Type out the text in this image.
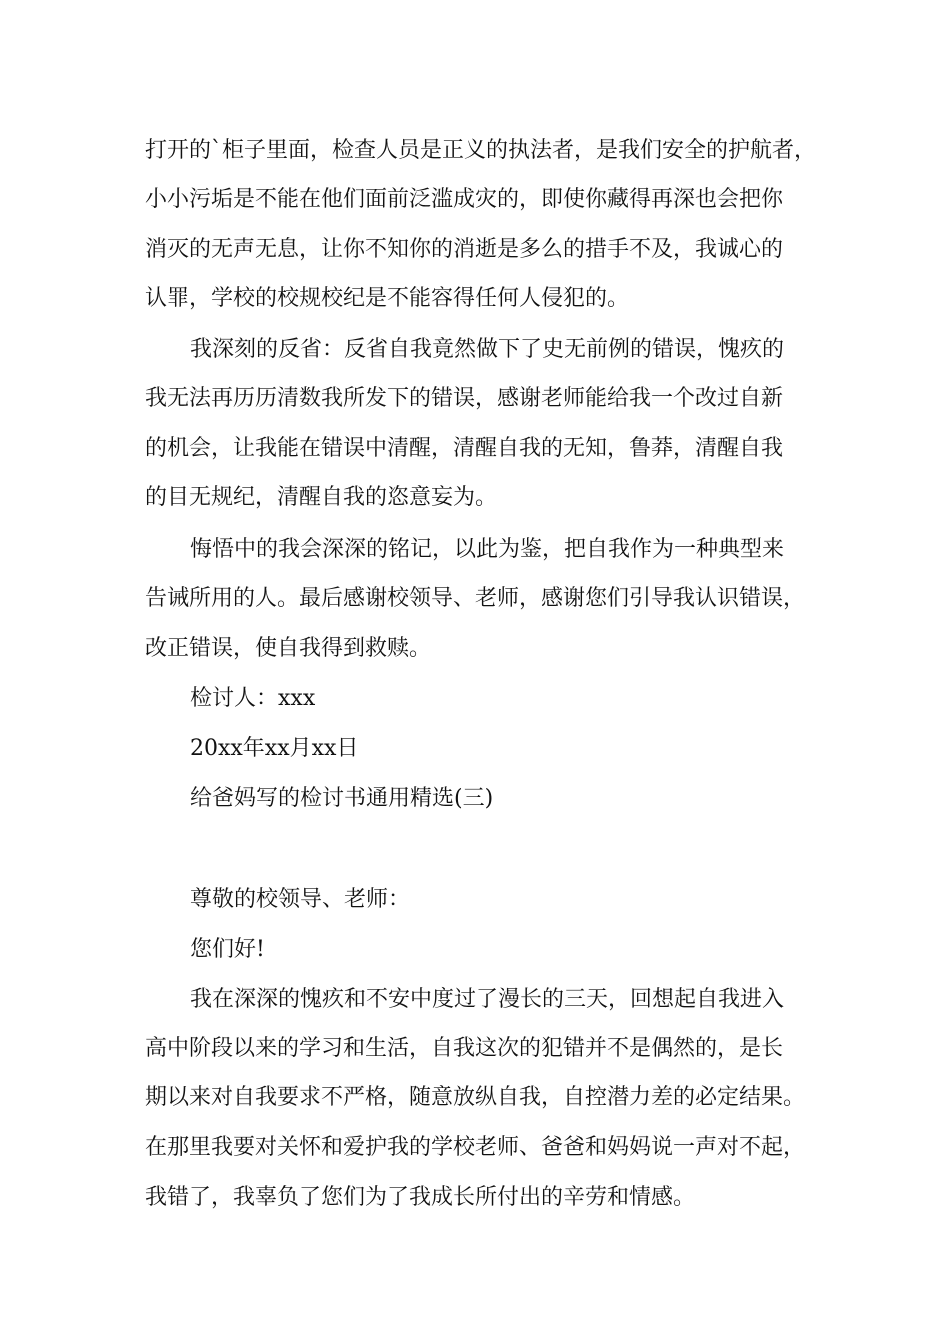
打开的`柜子里面，检查人员是正义的执法者，是我们安全的护航者，
小小污垢是不能在他们面前泛滥成灾的，即使你藏得再深也会把你
消灭的无声无息，让你不知你的消逝是多么的措手不及，我诚心的
认罪，学校的校规校纪是不能容得任何人侵犯的。
我深刻的反省：反省自我竟然做下了史无前例的错误，愧疚的
我无法再历历清数我所发下的错误，感谢老师能给我一个改过自新
的机会，让我能在错误中清醒，清醒自我的无知，鲁莽，清醒自我
的目无规纪，清醒自我的恣意妄为。
悔悟中的我会深深的铭记，以此为鉴，把自我作为一种典型来
告诫所用的人。最后感谢校领导、老师，感谢您们引导我认识错误，
改正错误，使自我得到救赎。
检讨人：xxx
20xx年xx月xx日
给爸妈写的检讨书通用精选(三)
尊敬的校领导、老师：
您们好!
我在深深的愧疚和不安中度过了漫长的三天，回想起自我进入
高中阶段以来的学习和生活，自我这次的犯错并不是偶然的，是长
期以来对自我要求不严格，随意放纵自我，自控潜力差的必定结果。
在那里我要对关怀和爱护我的学校老师、爸爸和妈妈说一声对不起，
我错了，我辜负了您们为了我成长所付出的辛劳和情感。
